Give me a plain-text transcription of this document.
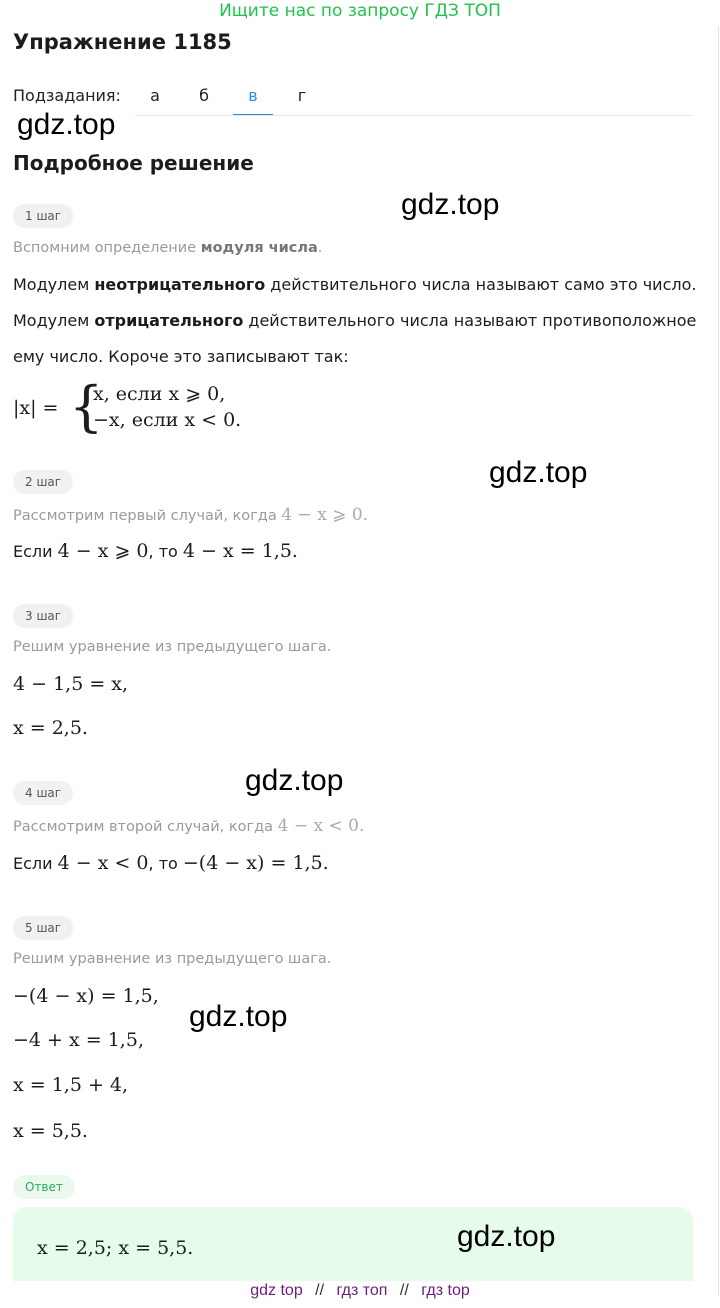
Ищите нас по запросу ГДЗ ТОП
Упражнение 1185
Подзадания:	а	б	в	г
gdz.top
Подробное решение
gdz.top
1 шаг
Вспомним определение модуля числа.
Модулем неотрицательного действительного числа называют само это число.
Модулем отрицательного действительного числа называют противоположное
ему число. Короче это записывают так:
|x| = {
x, если x ⩾ 0,
−x, если x < 0.
gdz.top
2 шаг
Рассмотрим первый случай, когда 4 − x ⩾ 0.
Если 4 − x ⩾ 0, то 4 − x = 1,5.
3 шаг
Решим уравнение из предыдущего шага.
4 − 1,5 = x,
x = 2,5.
gdz.top
4 шаг
Рассмотрим второй случай, когда 4 − x < 0.
Если 4 − x < 0, то −(4 − x) = 1,5.
5 шаг
Решим уравнение из предыдущего шага.
−(4 − x) = 1,5,
gdz.top
−4 + x = 1,5,
x = 1,5 + 4,
x = 5,5.
Ответ
x = 2,5; x = 5,5.	gdz.top
gdz top // гдз топ // гдз top
